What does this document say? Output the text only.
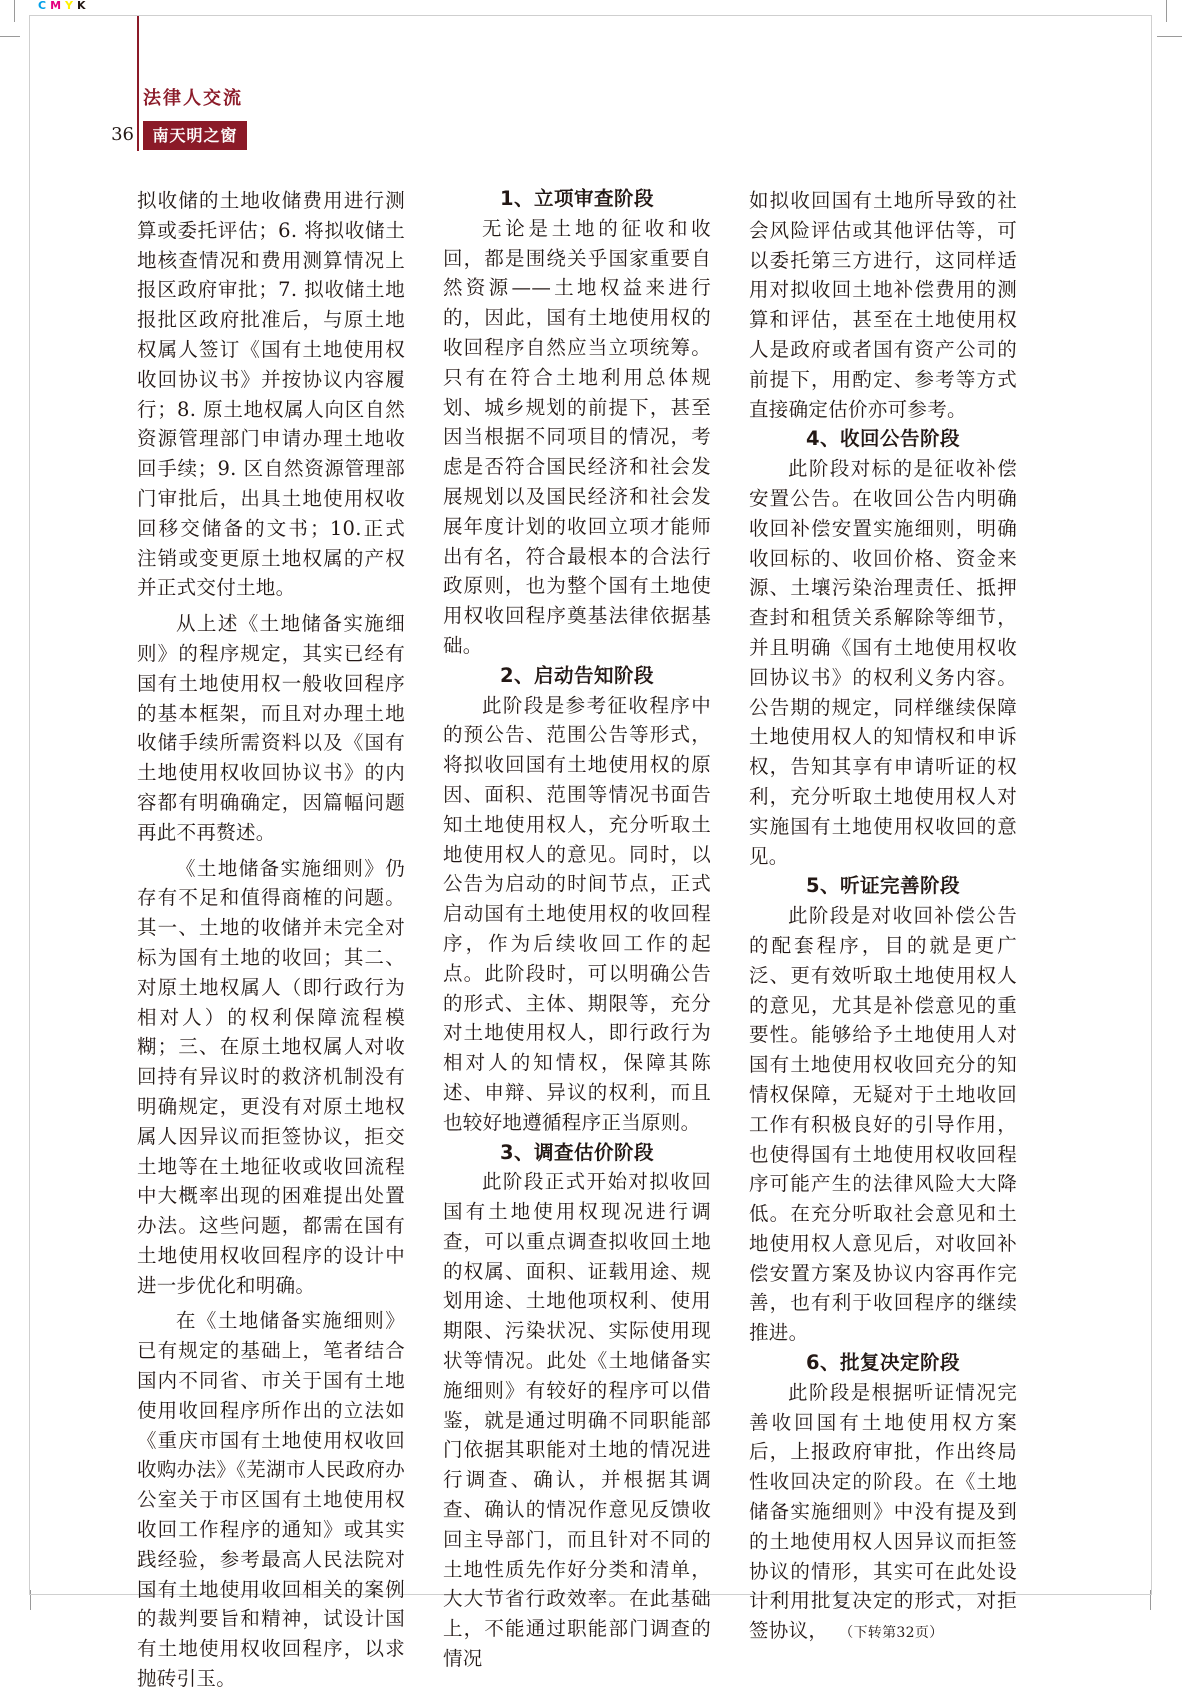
CMYK
法律人交流
36	南天明之窗

拟收储的土地收储费用进行测算或委托评估；6. 将拟收储土地核查情况和费用测算情况上报区政府审批；7. 拟收储土地报批区政府批准后，与原土地权属人签订《国有土地使用权收回协议书》并按协议内容履行；8. 原土地权属人向区自然资源管理部门申请办理土地收回手续；9. 区自然资源管理部门审批后，出具土地使用权收回移交储备的文书；10.正式注销或变更原土地权属的产权并正式交付土地。

从上述《土地储备实施细则》的程序规定，其实已经有国有土地使用权一般收回程序的基本框架，而且对办理土地收储手续所需资料以及《国有土地使用权收回协议书》的内容都有明确确定，因篇幅问题再此不再赘述。

《土地储备实施细则》仍存有不足和值得商榷的问题。其一、土地的收储并未完全对标为国有土地的收回；其二、对原土地权属人（即行政行为相对人）的权利保障流程模糊；三、在原土地权属人对收回持有异议时的救济机制没有明确规定，更没有对原土地权属人因异议而拒签协议，拒交土地等在土地征收或收回流程中大概率出现的困难提出处置办法。这些问题，都需在国有土地使用权收回程序的设计中进一步优化和明确。

在《土地储备实施细则》已有规定的基础上，笔者结合国内不同省、市关于国有土地使用收回程序所作出的立法如《重庆市国有土地使用权收回收购办法》《芜湖市人民政府办公室关于市区国有土地使用权收回工作程序的通知》或其实践经验，参考最高人民法院对国有土地使用收回相关的案例的裁判要旨和精神，试设计国有土地使用权收回程序，以求抛砖引玉。

1、立项审查阶段

无论是土地的征收和收回，都是围绕关乎国家重要自然资源——土地权益来进行的，因此，国有土地使用权的收回程序自然应当立项统筹。只有在符合土地利用总体规划、城乡规划的前提下，甚至因当根据不同项目的情况，考虑是否符合国民经济和社会发展规划以及国民经济和社会发展年度计划的收回立项才能师出有名，符合最根本的合法行政原则，也为整个国有土地使用权收回程序奠基法律依据基础。

2、启动告知阶段

此阶段是参考征收程序中的预公告、范围公告等形式，将拟收回国有土地使用权的原因、面积、范围等情况书面告知土地使用权人，充分听取土地使用权人的意见。同时，以公告为启动的时间节点，正式启动国有土地使用权的收回程序，作为后续收回工作的起点。此阶段时，可以明确公告的形式、主体、期限等，充分对土地使用权人，即行政行为相对人的知情权，保障其陈述、申辩、异议的权利，而且也较好地遵循程序正当原则。

3、调查估价阶段

此阶段正式开始对拟收回国有土地使用权现况进行调查，可以重点调查拟收回土地的权属、面积、证载用途、规划用途、土地他项权利、使用期限、污染状况、实际使用现状等情况。此处《土地储备实施细则》有较好的程序可以借鉴，就是通过明确不同职能部门依据其职能对土地的情况进行调查、确认，并根据其调查、确认的情况作意见反馈收回主导部门，而且针对不同的土地性质先作好分类和清单，大大节省行政效率。在此基础上，不能通过职能部门调查的情况

如拟收回国有土地所导致的社会风险评估或其他评估等，可以委托第三方进行，这同样适用对拟收回土地补偿费用的测算和评估，甚至在土地使用权人是政府或者国有资产公司的前提下，用酌定、参考等方式直接确定估价亦可参考。

4、收回公告阶段

此阶段对标的是征收补偿安置公告。在收回公告内明确收回补偿安置实施细则，明确收回标的、收回价格、资金来源、土壤污染治理责任、抵押查封和租赁关系解除等细节，并且明确《国有土地使用权收回协议书》的权利义务内容。公告期的规定，同样继续保障土地使用权人的知情权和申诉权，告知其享有申请听证的权利，充分听取土地使用权人对实施国有土地使用权收回的意见。

5、听证完善阶段

此阶段是对收回补偿公告的配套程序，目的就是更广泛、更有效听取土地使用权人的意见，尤其是补偿意见的重要性。能够给予土地使用人对国有土地使用权收回充分的知情权保障，无疑对于土地收回工作有积极良好的引导作用，也使得国有土地使用权收回程序可能产生的法律风险大大降低。在充分听取社会意见和土地使用权人意见后，对收回补偿安置方案及协议内容再作完善，也有利于收回程序的继续推进。

6、批复决定阶段

此阶段是根据听证情况完善收回国有土地使用权方案后，上报政府审批，作出终局性收回决定的阶段。在《土地储备实施细则》中没有提及到的土地使用权人因异议而拒签协议的情形，其实可在此处设计利用批复决定的形式，对拒签协议， （下转第32页）
